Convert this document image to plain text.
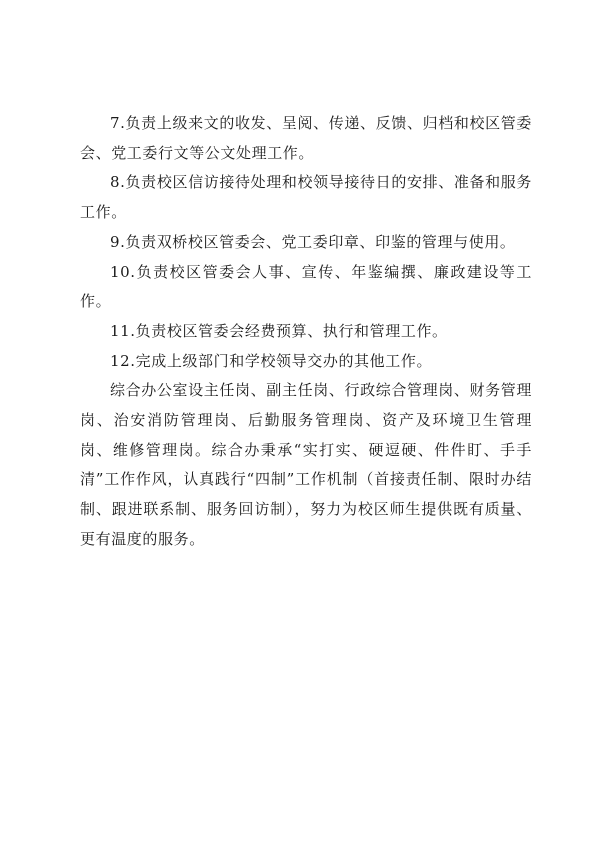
7.负责上级来文的收发、呈阅、传递、反馈、归档和校区管委会、党工委行文等公文处理工作。

8.负责校区信访接待处理和校领导接待日的安排、准备和服务工作。

9.负责双桥校区管委会、党工委印章、印鉴的管理与使用。

10.负责校区管委会人事、宣传、年鉴编撰、廉政建设等工作。

11.负责校区管委会经费预算、执行和管理工作。

12.完成上级部门和学校领导交办的其他工作。

综合办公室设主任岗、副主任岗、行政综合管理岗、财务管理岗、治安消防管理岗、后勤服务管理岗、资产及环境卫生管理岗、维修管理岗。综合办秉承“实打实、硬逗硬、件件盯、手手清”工作作风，认真践行“四制”工作机制（首接责任制、限时办结制、跟进联系制、服务回访制），努力为校区师生提供既有质量、更有温度的服务。
